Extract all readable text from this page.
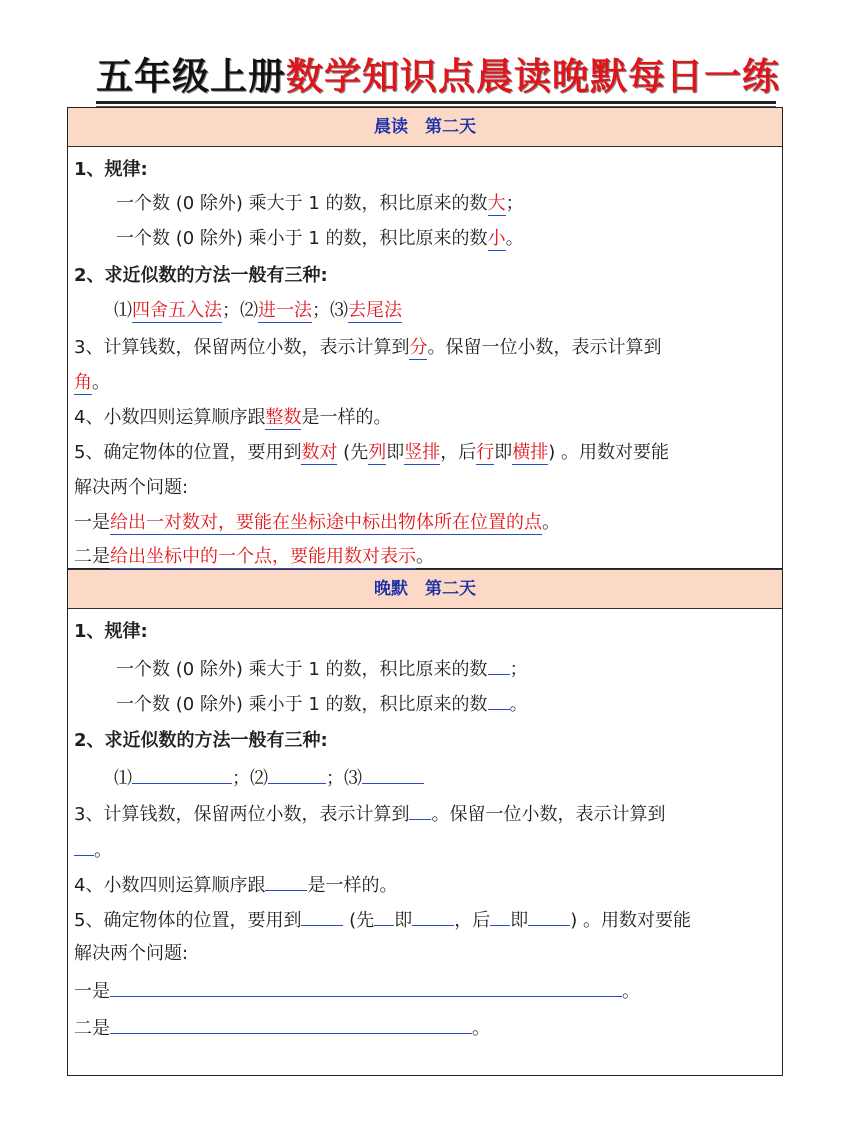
五年级上册数学知识点晨读晚默每日一练
晨读　第二天
1、规律:
一个数 (0 除外) 乘大于 1 的数，积比原来的数大；
一个数 (0 除外) 乘小于 1 的数，积比原来的数小。
2、求近似数的方法一般有三种:
⑴四舍五入法；⑵进一法；⑶去尾法
3、计算钱数，保留两位小数，表示计算到分。保留一位小数，表示计算到
角。
4、小数四则运算顺序跟整数是一样的。
5、确定物体的位置，要用到数对 (先列即竖排，后行即横排) 。用数对要能
解决两个问题:
一是给出一对数对，要能在坐标途中标出物体所在位置的点。
二是给出坐标中的一个点，要能用数对表示。
晚默　第二天
1、规律:
一个数 (0 除外) 乘大于 1 的数，积比原来的数 ；
一个数 (0 除外) 乘小于 1 的数，积比原来的数 。
2、求近似数的方法一般有三种:
⑴	；⑵	；⑶
3、计算钱数，保留两位小数，表示计算到 。保留一位小数，表示计算到
。
4、小数四则运算顺序跟 是一样的。
5、确定物体的位置，要用到 (先 即 ，后 即 ) 。用数对要能
解决两个问题:
一是	。
二是	。
